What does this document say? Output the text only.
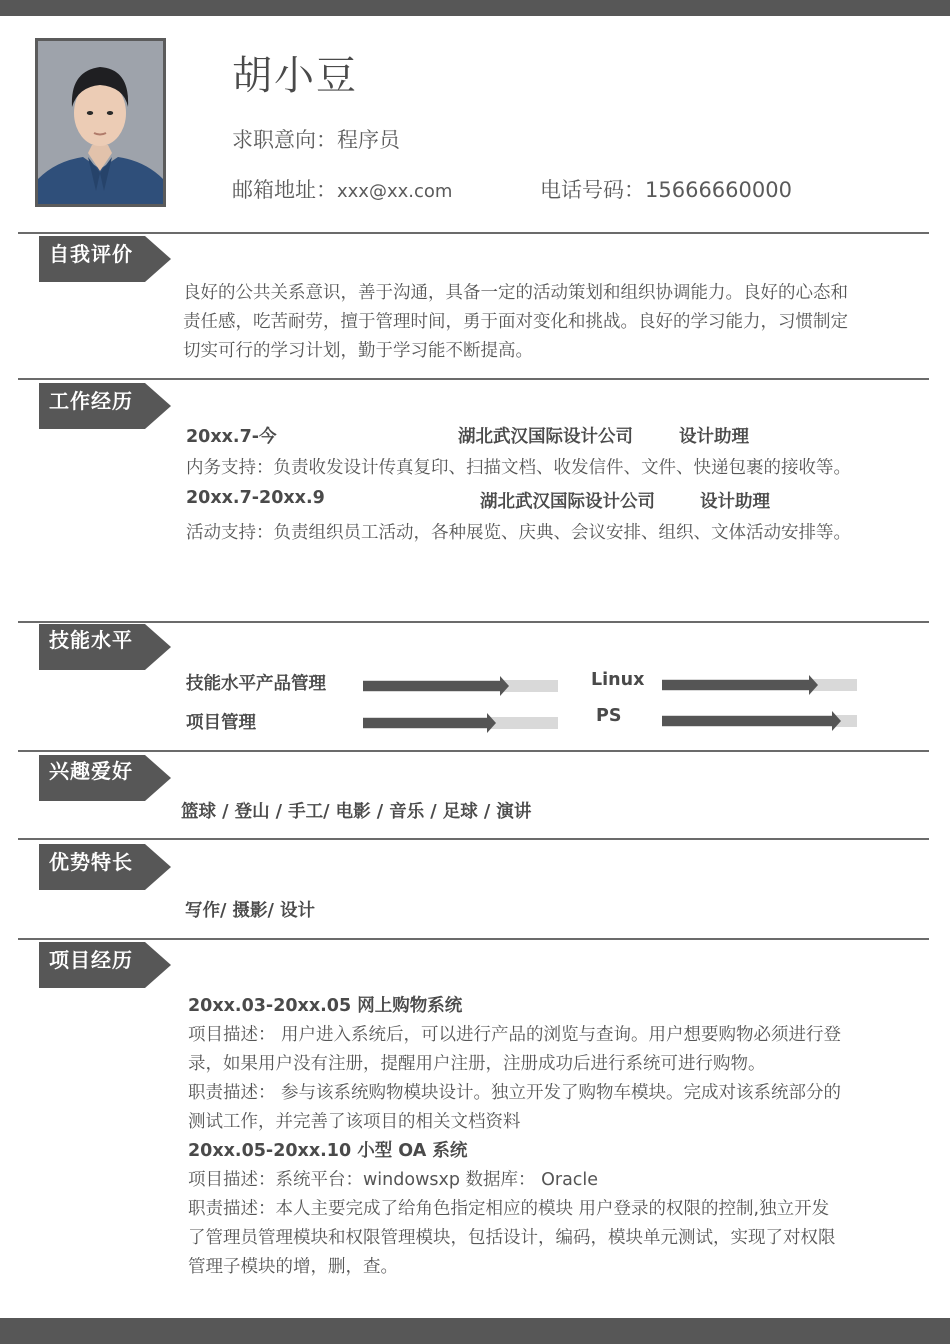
胡小豆
求职意向：程序员
邮箱地址：xxx@xx.com	电话号码：15666660000
自我评价
良好的公共关系意识，善于沟通，具备一定的活动策划和组织协调能力。良好的心态和
责任感，吃苦耐劳，擅于管理时间，勇于面对变化和挑战。良好的学习能力，习惯制定
切实可行的学习计划，勤于学习能不断提高。
工作经历
20xx.7-今	湖北武汉国际设计公司	设计助理
内务支持：负责收发设计传真复印、扫描文档、收发信件、文件、快递包裹的接收等。
20xx.7-20xx.9	湖北武汉国际设计公司	设计助理
活动支持：负责组织员工活动，各种展览、庆典、会议安排、组织、文体活动安排等。
技能水平
技能水平产品管理	Linux
项目管理	PS
兴趣爱好
篮球 / 登山 / 手工/ 电影 / 音乐 / 足球 / 演讲
优势特长
写作/ 摄影/ 设计
项目经历
20xx.03-20xx.05 网上购物系统
项目描述： 用户进入系统后，可以进行产品的浏览与查询。用户想要购物必须进行登
录，如果用户没有注册，提醒用户注册，注册成功后进行系统可进行购物。
职责描述： 参与该系统购物模块设计。独立开发了购物车模块。完成对该系统部分的
测试工作，并完善了该项目的相关文档资料
20xx.05-20xx.10 小型 OA 系统
项目描述：系统平台：windowsxp 数据库： Oracle
职责描述：本人主要完成了给角色指定相应的模块 用户登录的权限的控制,独立开发
了管理员管理模块和权限管理模块，包括设计，编码，模块单元测试，实现了对权限
管理子模块的增，删，查。
